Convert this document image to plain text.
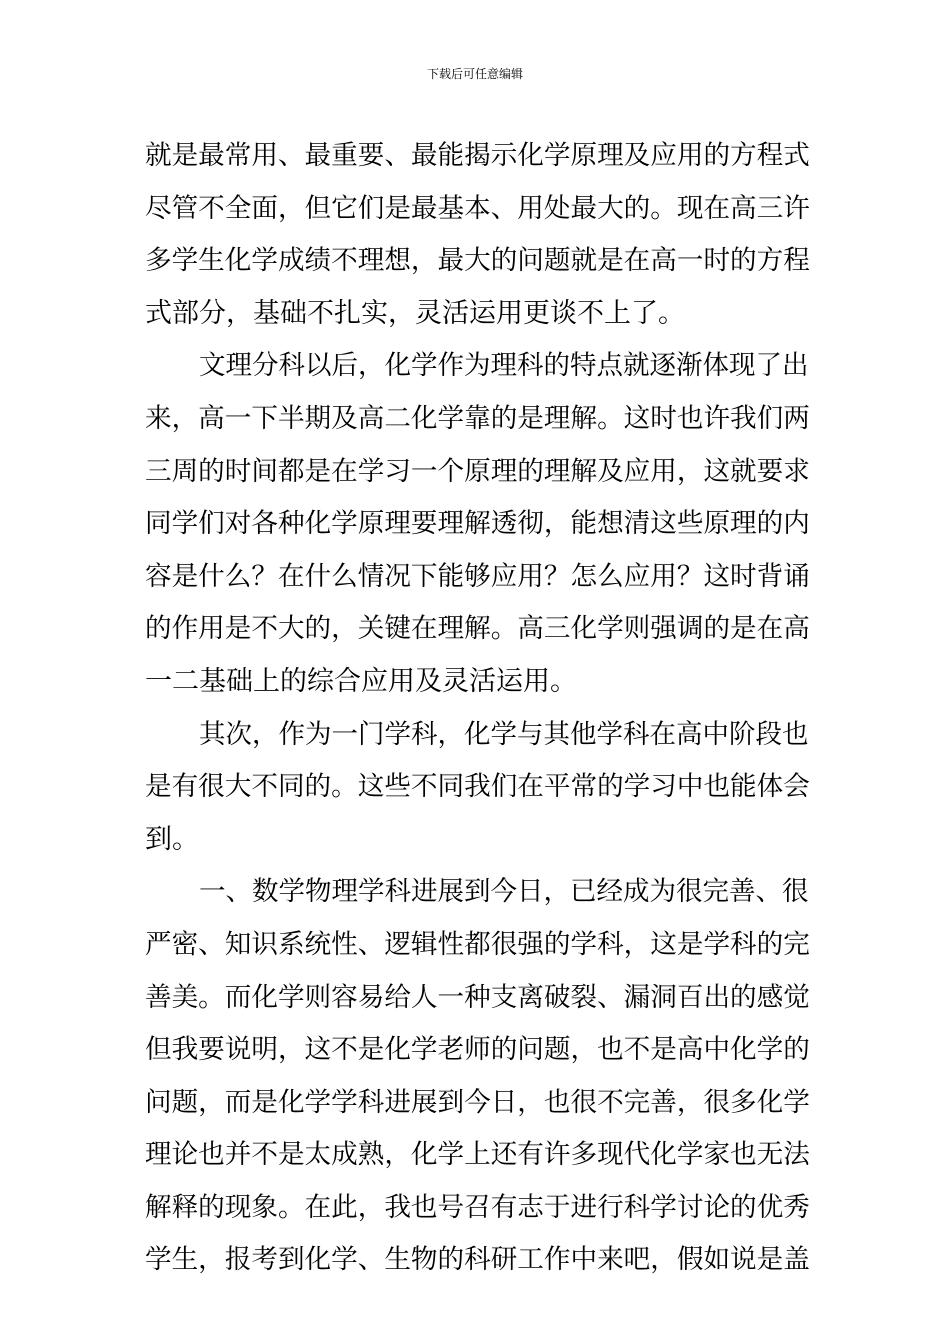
下载后可任意编辑
就是最常用、最重要、最能揭示化学原理及应用的方程式
尽管不全面，但它们是最基本、用处最大的。现在高三许
多学生化学成绩不理想，最大的问题就是在高一时的方程
式部分，基础不扎实，灵活运用更谈不上了。
文理分科以后，化学作为理科的特点就逐渐体现了出
来，高一下半期及高二化学靠的是理解。这时也许我们两
三周的时间都是在学习一个原理的理解及应用，这就要求
同学们对各种化学原理要理解透彻，能想清这些原理的内
容是什么？在什么情况下能够应用？怎么应用？这时背诵
的作用是不大的，关键在理解。高三化学则强调的是在高
一二基础上的综合应用及灵活运用。
其次，作为一门学科，化学与其他学科在高中阶段也
是有很大不同的。这些不同我们在平常的学习中也能体会
到。
一、数学物理学科进展到今日，已经成为很完善、很
严密、知识系统性、逻辑性都很强的学科，这是学科的完
善美。而化学则容易给人一种支离破裂、漏洞百出的感觉
但我要说明，这不是化学老师的问题，也不是高中化学的
问题，而是化学学科进展到今日，也很不完善，很多化学
理论也并不是太成熟，化学上还有许多现代化学家也无法
解释的现象。在此，我也号召有志于进行科学讨论的优秀
学生，报考到化学、生物的科研工作中来吧，假如说是盖
